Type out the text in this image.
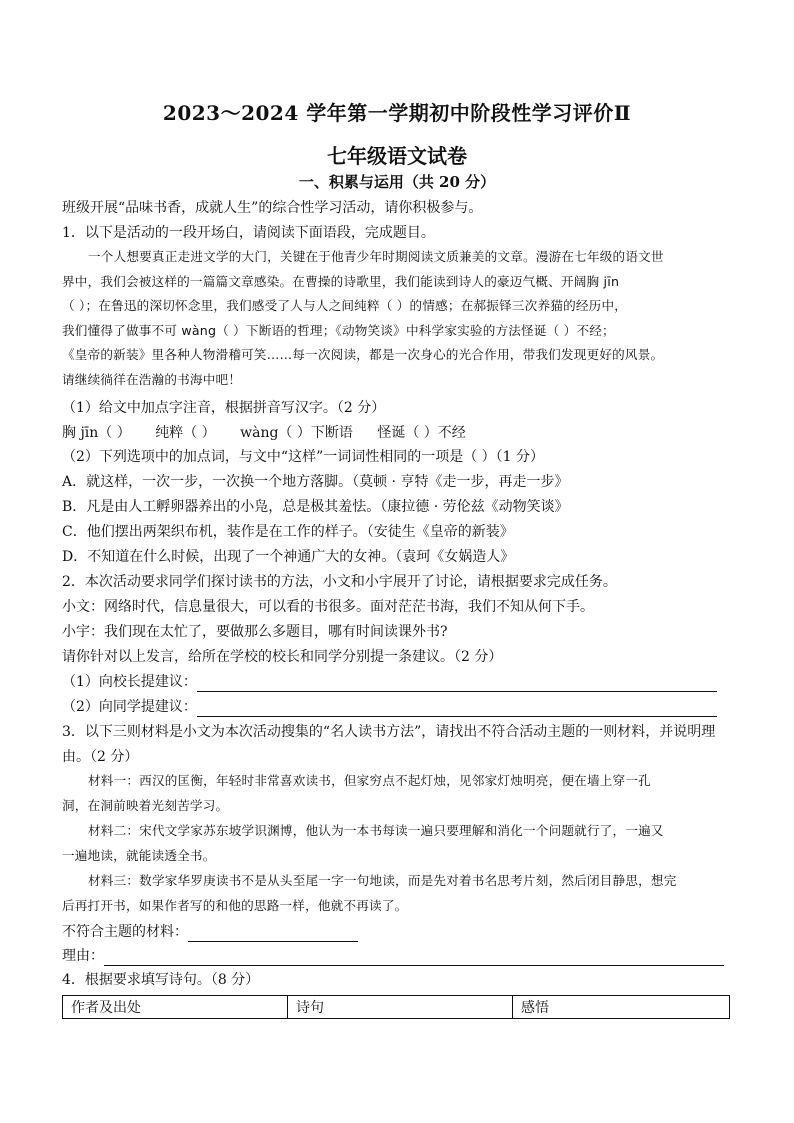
2023～2024 学年第一学期初中阶段性学习评价Ⅱ
七年级语文试卷
一、积累与运用（共 20 分）
班级开展“品味书香，成就人生”的综合性学习活动，请你积极参与。
1．以下是活动的一段开场白，请阅读下面语段，完成题目。
一个人想要真正走进文学的大门，关键在于他青少年时期阅读文质兼美的文章。漫游在七年级的语文世
界中，我们会被这样的一篇篇文章感染。在曹操的诗歌里，我们能读到诗人的豪迈气概、开阔胸 jīn
（ ）；在鲁迅的深切怀念里，我们感受了人与人之间纯粹（ ）的情感；在郝振铎三次养猫的经历中，
我们懂得了做事不可 wàng（ ）下断语的哲理；《动物笑谈》中科学家实验的方法怪诞（ ）不经；
《皇帝的新装》里各种人物滑稽可笑……每一次阅读，都是一次身心的光合作用，带我们发现更好的风景。
请继续徜徉在浩瀚的书海中吧！
（1）给文中加点字注音，根据拼音写汉字。（2 分）
胸 jīn（ ） 纯粹（ ） wàng（ ）下断语 怪诞（ ）不经
（2）下列选项中的加点词，与文中“这样”一词词性相同的一项是（ ）（1 分）
A．就这样，一次一步，一次换一个地方落脚。（莫顿 · 亨特《走一步，再走一步》
B．凡是由人工孵卵器养出的小凫，总是极其羞怯。（康拉德 · 劳伦兹《动物笑谈》
C．他们摆出两架织布机，装作是在工作的样子。（安徒生《皇帝的新装》
D．不知道在什么时候，出现了一个神通广大的女神。（袁珂《女娲造人》
2．本次活动要求同学们探讨读书的方法，小文和小宇展开了讨论，请根据要求完成任务。
小文：网络时代，信息量很大，可以看的书很多。面对茫茫书海，我们不知从何下手。
小宇：我们现在太忙了，要做那么多题目，哪有时间读课外书?
请你针对以上发言，给所在学校的校长和同学分别提一条建议。（2 分）
（1）向校长提建议：
（2）向同学提建议：
3．以下三则材料是小文为本次活动搜集的“名人读书方法”，请找出不符合活动主题的一则材料，并说明理
由。（2 分）
材料一：西汉的匡衡，年轻时非常喜欢读书，但家穷点不起灯烛，见邻家灯烛明亮，便在墙上穿一孔
洞，在洞前映着光刻苦学习。
材料二：宋代文学家苏东坡学识渊博，他认为一本书每读一遍只要理解和消化一个问题就行了，一遍又
一遍地读，就能读透全书。
材料三：数学家华罗庚读书不是从头至尾一字一句地读，而是先对着书名思考片刻，然后闭目静思，想完
后再打开书，如果作者写的和他的思路一样，他就不再读了。
不符合主题的材料：
理由：
4．根据要求填写诗句。（8 分）
作者及出处	诗句	感悟
